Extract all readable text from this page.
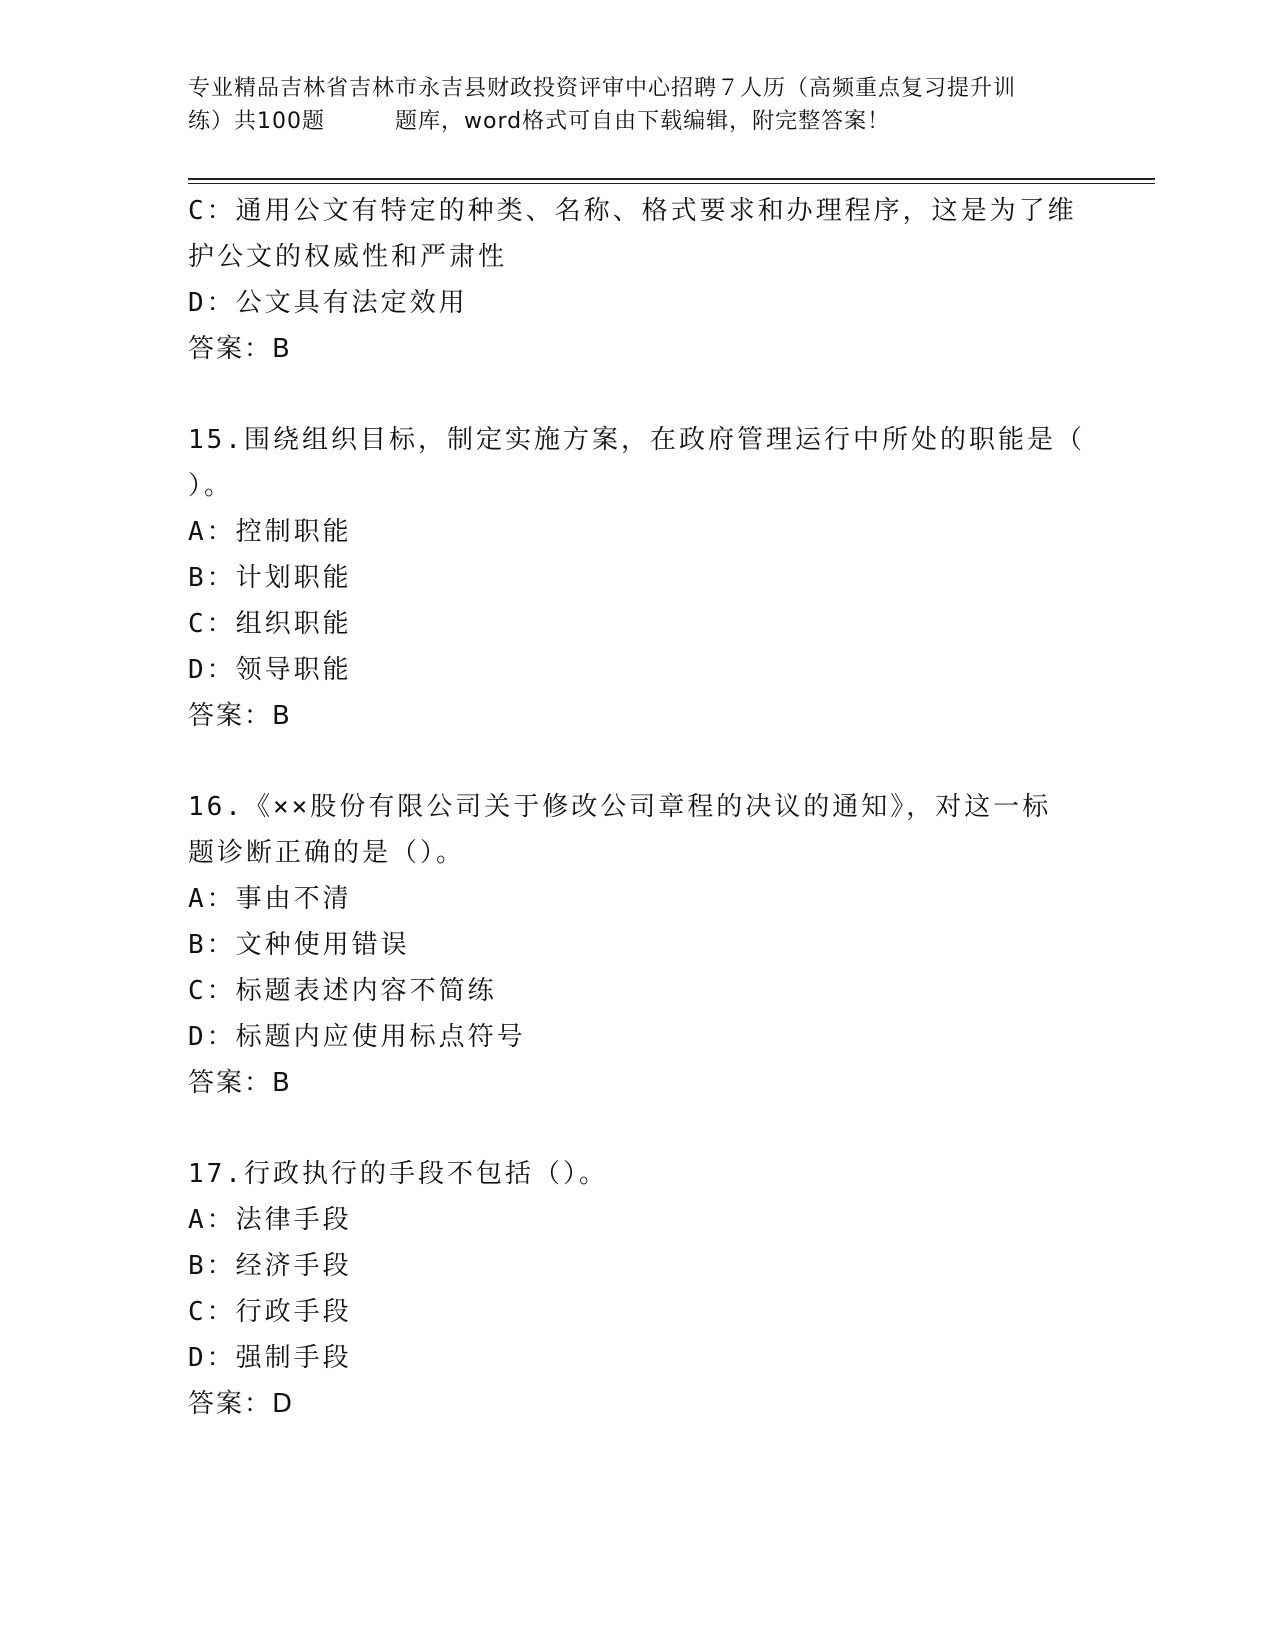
专业精品吉林省吉林市永吉县财政投资评审中心招聘７人历（高频重点复习提升训
练）共100题	题库，word格式可自由下载编辑，附完整答案！
C：通用公文有特定的种类、名称、格式要求和办理程序，这是为了维
护公文的权威性和严肃性
D：公文具有法定效用
答案：B
15.围绕组织目标，制定实施方案，在政府管理运行中所处的职能是（
）。
A：控制职能
B：计划职能
C：组织职能
D：领导职能
答案：B
16.《××股份有限公司关于修改公司章程的决议的通知》，对这一标
题诊断正确的是（）。
A：事由不清
B：文种使用错误
C：标题表述内容不简练
D：标题内应使用标点符号
答案：B
17.行政执行的手段不包括（）。
A：法律手段
B：经济手段
C：行政手段
D：强制手段
答案：D
